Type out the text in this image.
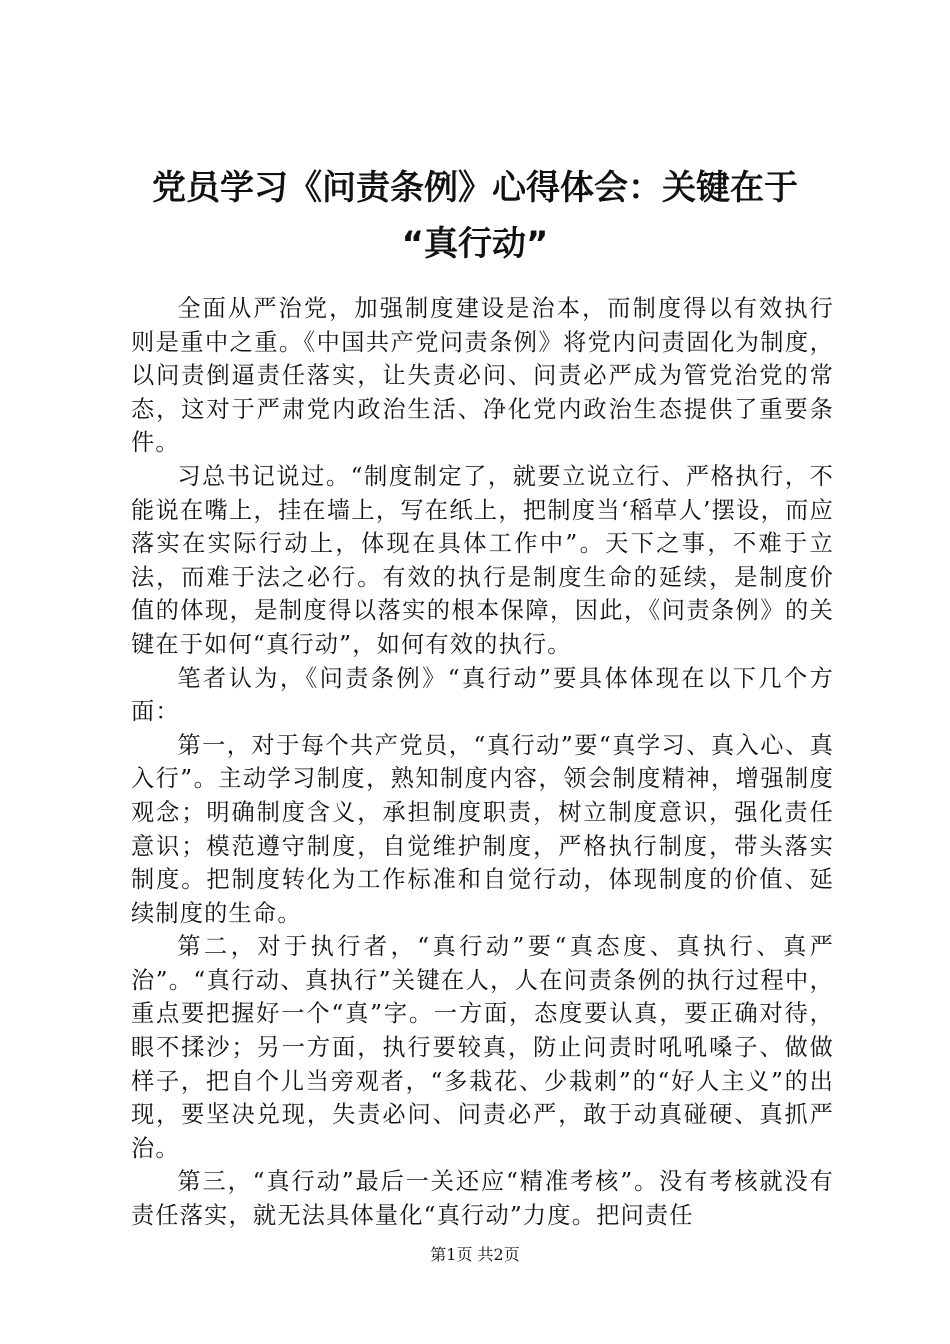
党员学习《问责条例》心得体会：关键在于
“真行动”

全面从严治党，加强制度建设是治本，而制度得以有效执行则是重中之重。《中国共产党问责条例》将党内问责固化为制度，以问责倒逼责任落实，让失责必问、问责必严成为管党治党的常态，这对于严肃党内政治生活、净化党内政治生态提供了重要条件。

习总书记说过。“制度制定了，就要立说立行、严格执行，不能说在嘴上，挂在墙上，写在纸上，把制度当‘稻草人’摆设，而应落实在实际行动上，体现在具体工作中”。天下之事，不难于立法，而难于法之必行。有效的执行是制度生命的延续，是制度价值的体现，是制度得以落实的根本保障，因此，《问责条例》的关键在于如何“真行动”，如何有效的执行。

笔者认为，《问责条例》“真行动”要具体体现在以下几个方面：

第一，对于每个共产党员，“真行动”要“真学习、真入心、真入行”。主动学习制度，熟知制度内容，领会制度精神，增强制度观念；明确制度含义，承担制度职责，树立制度意识，强化责任意识；模范遵守制度，自觉维护制度，严格执行制度，带头落实制度。把制度转化为工作标准和自觉行动，体现制度的价值、延续制度的生命。

第二，对于执行者，“真行动”要“真态度、真执行、真严治”。“真行动、真执行”关键在人，人在问责条例的执行过程中，重点要把握好一个“真”字。一方面，态度要认真，要正确对待，眼不揉沙；另一方面，执行要较真，防止问责时吼吼嗓子、做做样子，把自个儿当旁观者，“多栽花、少栽刺”的“好人主义”的出现，要坚决兑现，失责必问、问责必严，敢于动真碰硬、真抓严治。

第三，“真行动”最后一关还应“精准考核”。没有考核就没有责任落实，就无法具体量化“真行动”力度。把问责任

第1页 共2页
